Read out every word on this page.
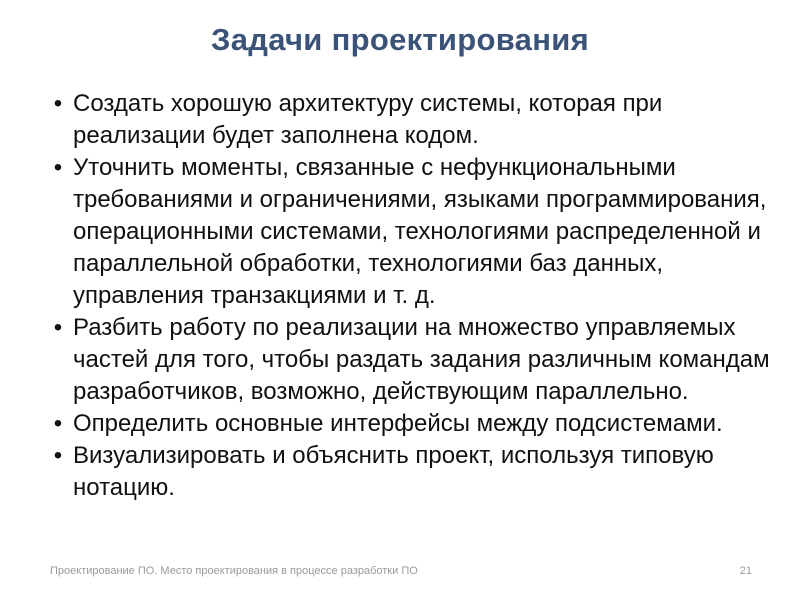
Задачи проектирования
• Создать хорошую архитектуру системы, которая при реализации будет заполнена кодом.
• Уточнить моменты, связанные с нефункциональными требованиями и ограничениями, языками программирования, операционными системами, технологиями распределенной и параллельной обработки, технологиями баз данных, управления транзакциями и т. д.
• Разбить работу по реализации на множество управляемых частей для того, чтобы раздать задания различным командам разработчиков, возможно, действующим параллельно.
• Определить основные интерфейсы между подсистемами.
• Визуализировать и объяснить проект, используя типовую нотацию.
Проектирование ПО. Место проектирования в процессе разработки ПО	21
